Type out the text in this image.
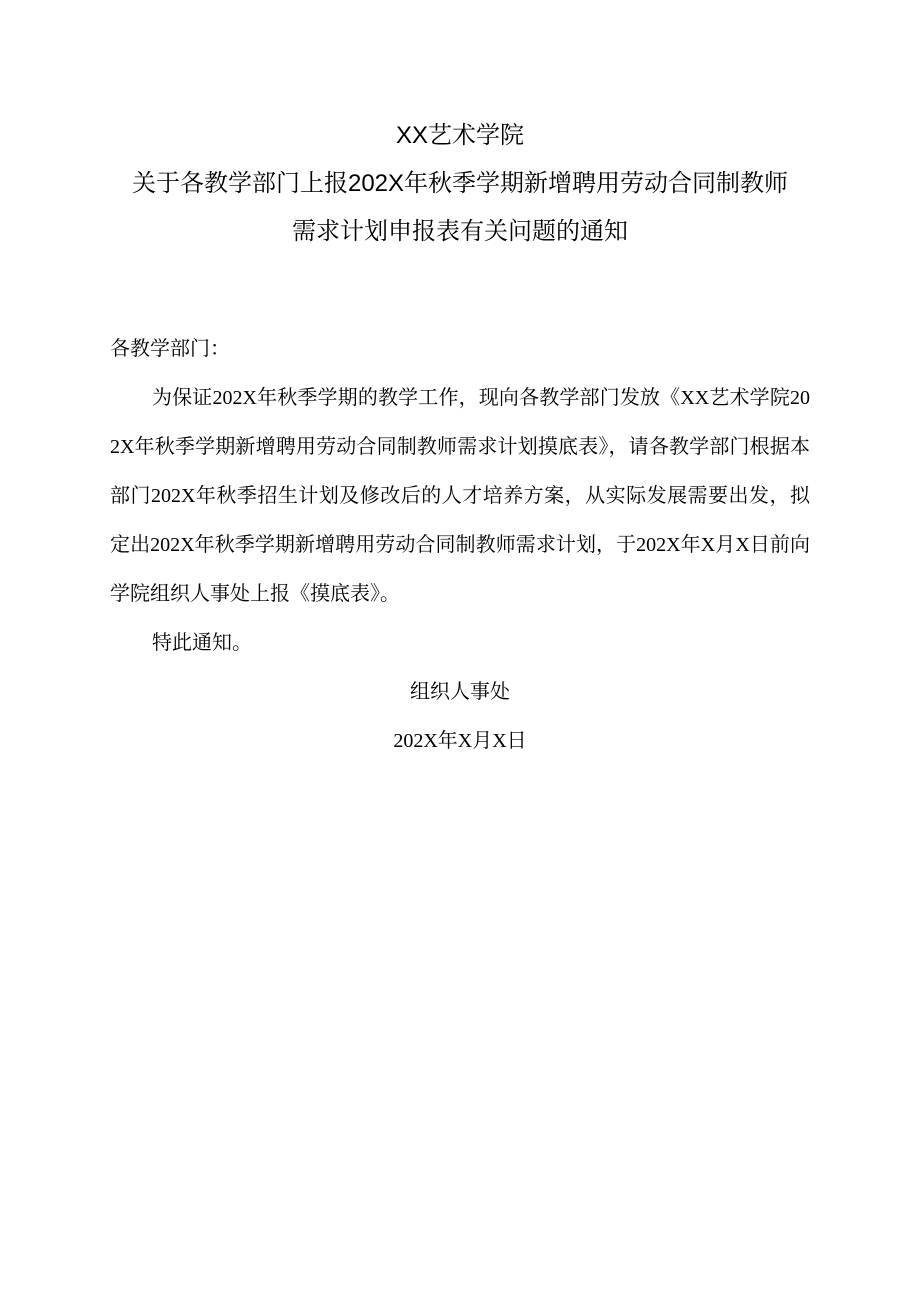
XX艺术学院
关于各教学部门上报202X年秋季学期新增聘用劳动合同制教师
需求计划申报表有关问题的通知

各教学部门：

为保证202X年秋季学期的教学工作，现向各教学部门发放《XX艺术学院202X年秋季学期新增聘用劳动合同制教师需求计划摸底表》，请各教学部门根据本部门202X年秋季招生计划及修改后的人才培养方案，从实际发展需要出发，拟定出202X年秋季学期新增聘用劳动合同制教师需求计划，于202X年X月X日前向学院组织人事处上报《摸底表》。

特此通知。

组织人事处

202X年X月X日
